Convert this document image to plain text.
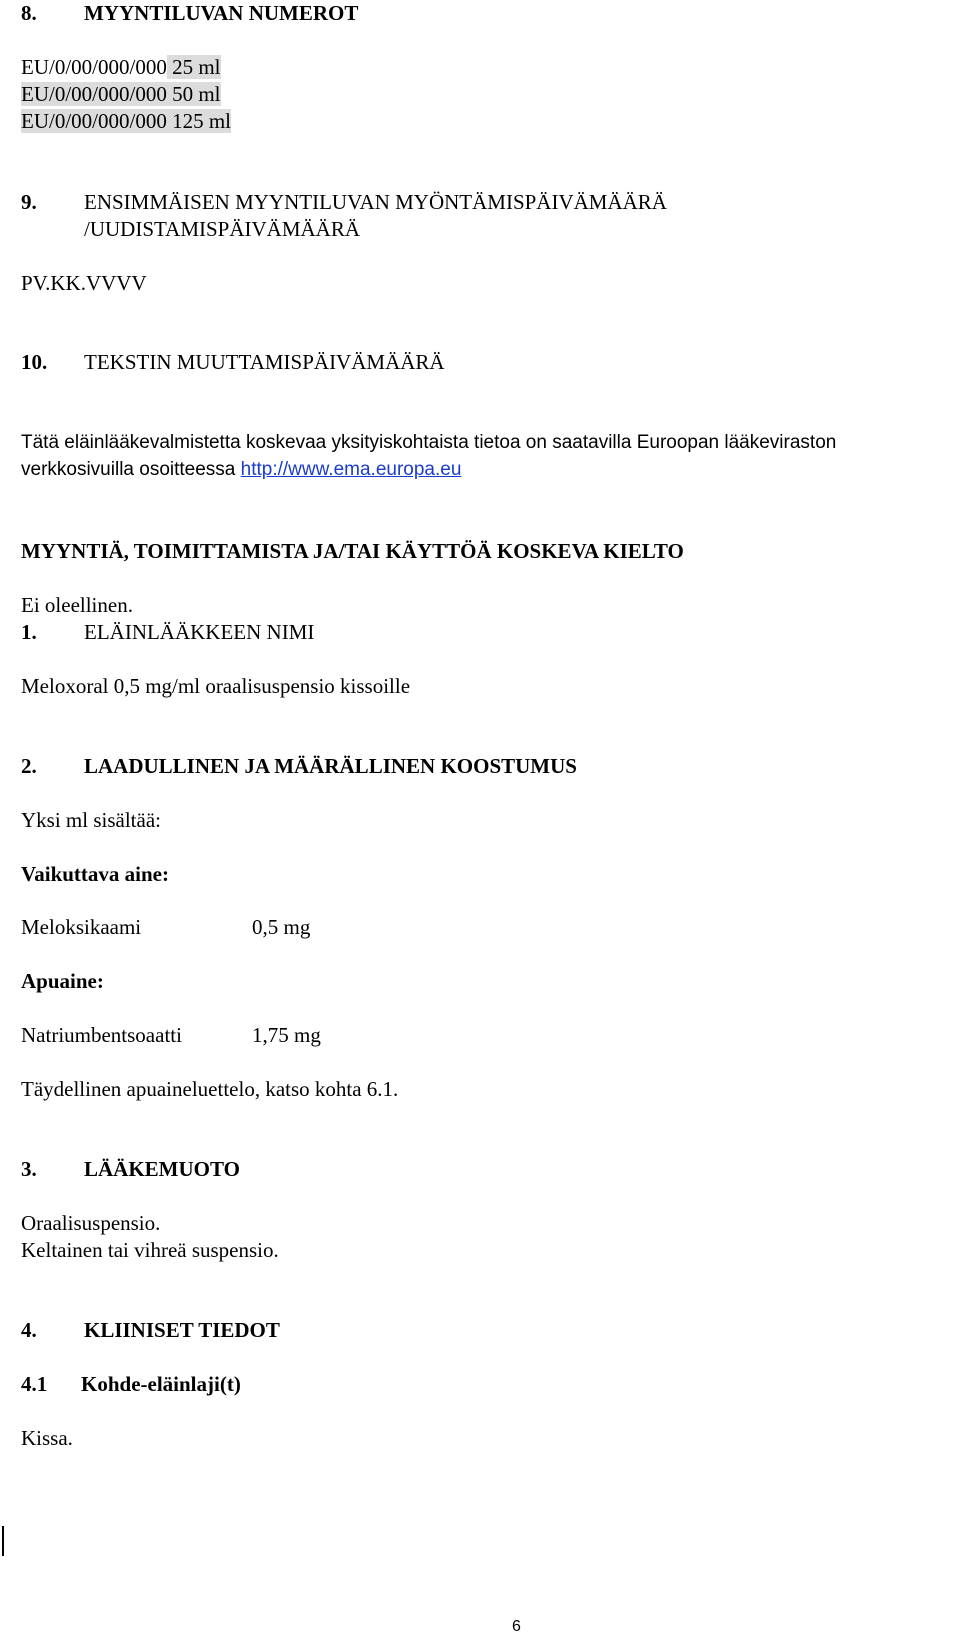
8. MYYNTILUVAN NUMEROT
EU/0/00/000/000 25 ml
EU/0/00/000/000 50 ml
EU/0/00/000/000 125 ml
9. ENSIMMÄISEN MYYNTILUVAN MYÖNTÄMISPÄIVÄMÄÄRÄ
/UUDISTAMISPÄIVÄMÄÄRÄ
PV.KK.VVVV
10. TEKSTIN MUUTTAMISPÄIVÄMÄÄRÄ
Tätä eläinlääkevalmistetta koskevaa yksityiskohtaista tietoa on saatavilla Euroopan lääkeviraston
verkkosivuilla osoitteessa http://www.ema.europa.eu
MYYNTIÄ, TOIMITTAMISTA JA/TAI KÄYTTÖÄ KOSKEVA KIELTO
Ei oleellinen.
1. ELÄINLÄÄKKEEN NIMI
Meloxoral 0,5 mg/ml oraalisuspensio kissoille
2. LAADULLINEN JA MÄÄRÄLLINEN KOOSTUMUS
Yksi ml sisältää:
Vaikuttava aine:
Meloksikaami	0,5 mg
Apuaine:
Natriumbentsoaatti	1,75 mg
Täydellinen apuaineluettelo, katso kohta 6.1.
3. LÄÄKEMUOTO
Oraalisuspensio.
Keltainen tai vihreä suspensio.
4. KLIINISET TIEDOT
4.1 Kohde-eläinlaji(t)
Kissa.
6
